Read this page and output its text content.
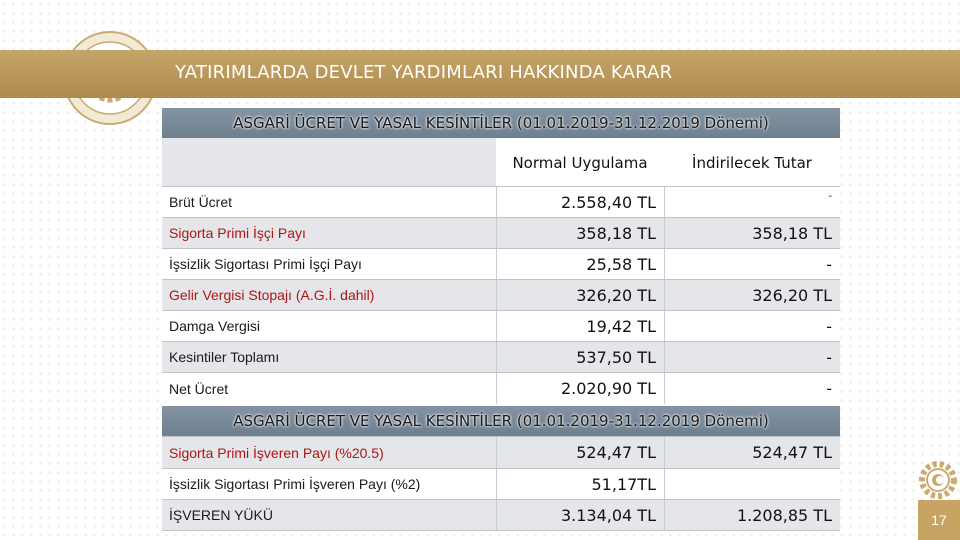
YATIRIMLARDA DEVLET YARDIMLARI HAKKINDA KARAR
ASGARİ ÜCRET VE YASAL KESİNTİLER (01.01.2019-31.12.2019 Dönemi)
Normal Uygulama	İndirilecek Tutar
Brüt Ücret	2.558,40 TL	-
Sigorta Primi İşçi Payı	358,18 TL	358,18 TL
İşsizlik Sigortası Primi İşçi Payı	25,58 TL	-
Gelir Vergisi Stopajı (A.G.İ. dahil)	326,20 TL	326,20 TL
Damga Vergisi	19,42 TL	-
Kesintiler Toplamı	537,50 TL	-
Net Ücret	2.020,90 TL	-
ASGARİ ÜCRET VE YASAL KESİNTİLER (01.01.2019-31.12.2019 Dönemi)
Sigorta Primi İşveren Payı (%20.5)	524,47 TL	524,47 TL
İşsizlik Sigortası Primi İşveren Payı (%2)	51,17TL
İŞVEREN YÜKÜ	3.134,04 TL	1.208,85 TL	17
